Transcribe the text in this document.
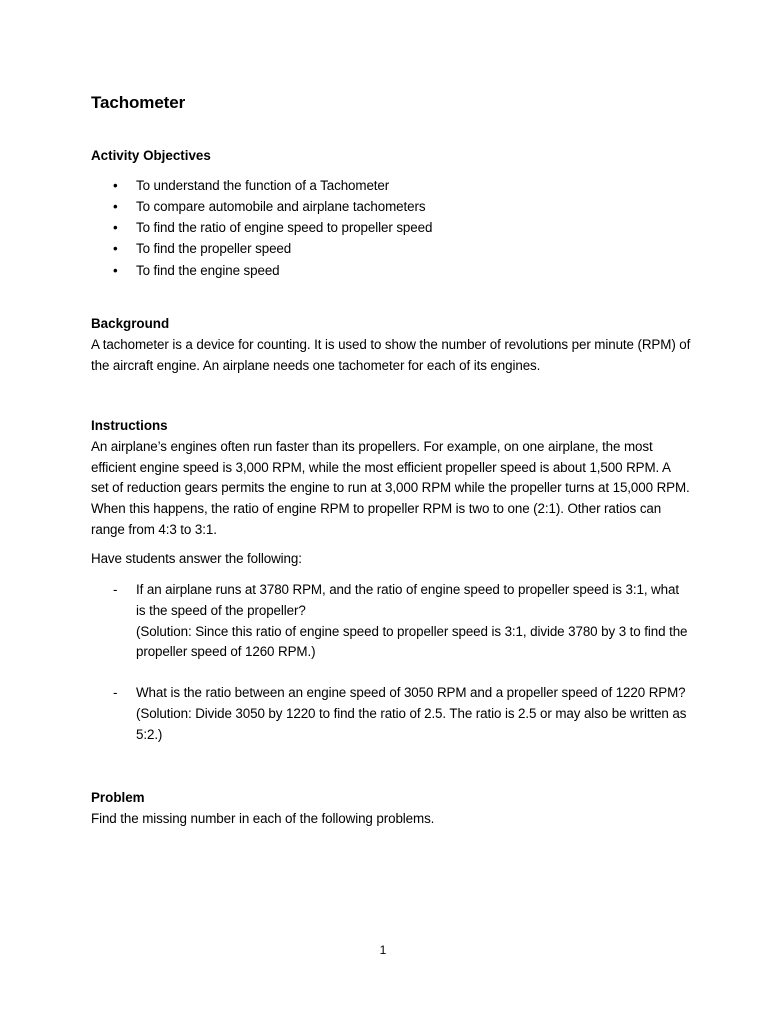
Tachometer
Activity Objectives
• To understand the function of a Tachometer
• To compare automobile and airplane tachometers
• To find the ratio of engine speed to propeller speed
• To find the propeller speed
• To find the engine speed
Background
A tachometer is a device for counting. It is used to show the number of revolutions per minute (RPM) of the aircraft engine. An airplane needs one tachometer for each of its engines.
Instructions
An airplane’s engines often run faster than its propellers. For example, on one airplane, the most efficient engine speed is 3,000 RPM, while the most efficient propeller speed is about 1,500 RPM. A set of reduction gears permits the engine to run at 3,000 RPM while the propeller turns at 15,000 RPM. When this happens, the ratio of engine RPM to propeller RPM is two to one (2:1). Other ratios can range from 4:3 to 3:1.
Have students answer the following:
- If an airplane runs at 3780 RPM, and the ratio of engine speed to propeller speed is 3:1, what is the speed of the propeller?
(Solution: Since this ratio of engine speed to propeller speed is 3:1, divide 3780 by 3 to find the propeller speed of 1260 RPM.)
- What is the ratio between an engine speed of 3050 RPM and a propeller speed of 1220 RPM?
(Solution: Divide 3050 by 1220 to find the ratio of 2.5. The ratio is 2.5 or may also be written as 5:2.)
Problem
Find the missing number in each of the following problems.
1
